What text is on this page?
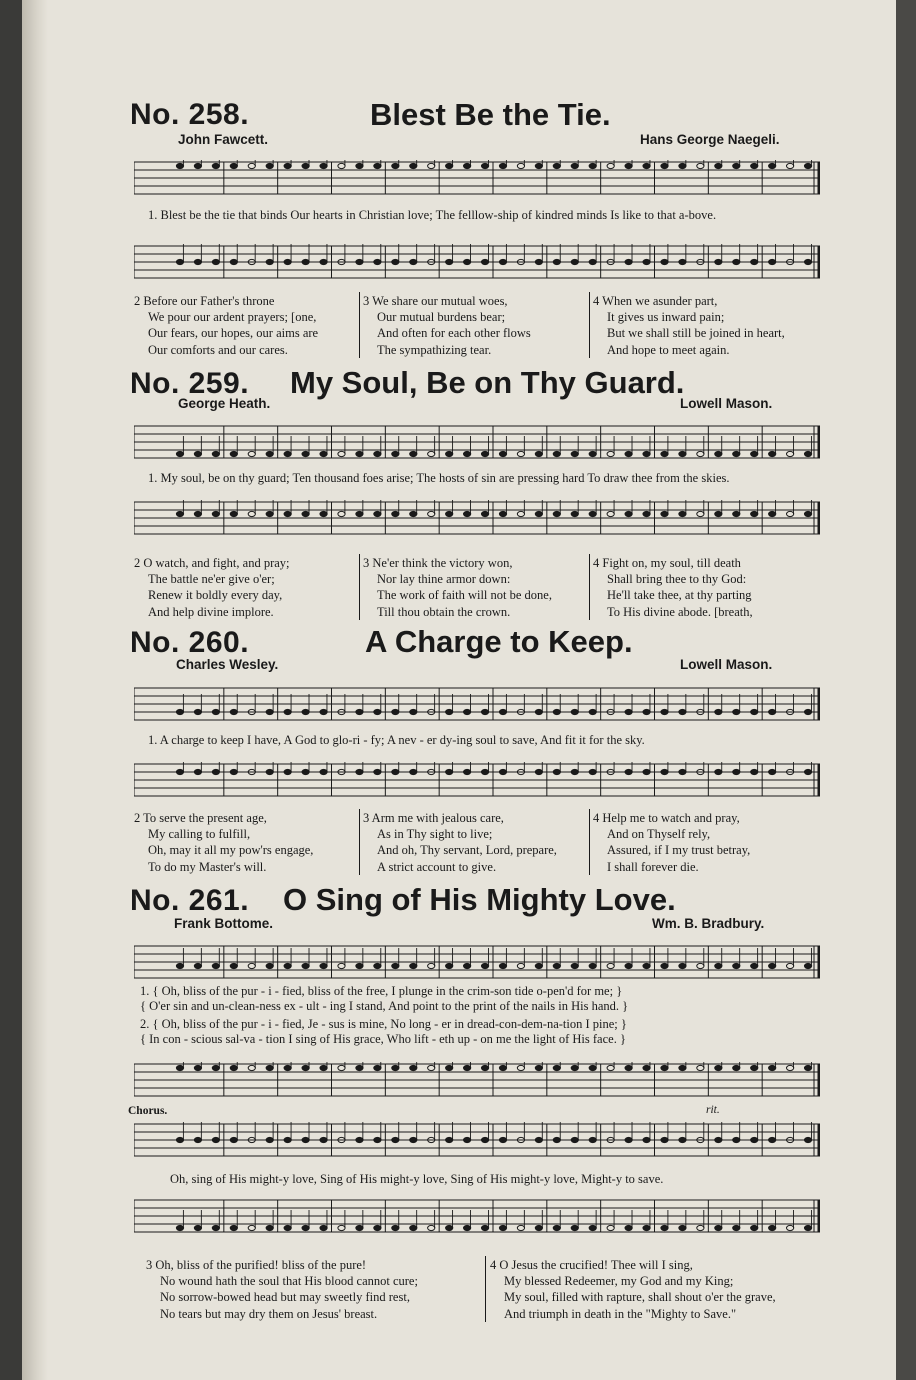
No. 258.	Blest Be the Tie.
John Fawcett.	Hans George Naegeli.
1. Blest be the tie that binds Our hearts in Christian love; The felllow-ship of kindred minds Is like to that a-bove.
2 Before our Father's throne
We pour our ardent prayers; [one,
Our fears, our hopes, our aims are
Our comforts and our cares.
3 We share our mutual woes,
Our mutual burdens bear;
And often for each other flows
The sympathizing tear.
4 When we asunder part,
It gives us inward pain;
But we shall still be joined in heart,
And hope to meet again.
No. 259. My Soul, Be on Thy Guard.
George Heath.	Lowell Mason.
1. My soul, be on thy guard; Ten thousand foes arise; The hosts of sin are pressing hard To draw thee from the skies.
2 O watch, and fight, and pray;
The battle ne'er give o'er;
Renew it boldly every day,
And help divine implore.
3 Ne'er think the victory won,
Nor lay thine armor down:
The work of faith will not be done,
Till thou obtain the crown.
4 Fight on, my soul, till death
Shall bring thee to thy God:
He'll take thee, at thy parting
To His divine abode. [breath,
No. 260.	A Charge to Keep.
Charles Wesley.	Lowell Mason.
1. A charge to keep I have, A God to glo-ri - fy; A nev - er dy-ing soul to save, And fit it for the sky.
2 To serve the present age,
My calling to fulfill,
Oh, may it all my pow'rs engage,
To do my Master's will.
3 Arm me with jealous care,
As in Thy sight to live;
And oh, Thy servant, Lord, prepare,
A strict account to give.
4 Help me to watch and pray,
And on Thyself rely,
Assured, if I my trust betray,
I shall forever die.
No. 261. O Sing of His Mighty Love.
Frank Bottome.	Wm. B. Bradbury.
1. { Oh, bliss of the pur - i - fied, bliss of the free, I plunge in the crim-son tide o-pen'd for me; }
{ O'er sin and un-clean-ness ex - ult - ing I stand, And point to the print of the nails in His hand. }
2. { Oh, bliss of the pur - i - fied, Je - sus is mine, No long - er in dread-con-dem-na-tion I pine; }
{ In con - scious sal-va - tion I sing of His grace, Who lift - eth up - on me the light of His face. }
Chorus.	rit.
Oh, sing of His might-y love, Sing of His might-y love, Sing of His might-y love, Might-y to save.
3 Oh, bliss of the purified! bliss of the pure!
No wound hath the soul that His blood cannot cure;
No sorrow-bowed head but may sweetly find rest,
No tears but may dry them on Jesus' breast.
4 O Jesus the crucified! Thee will I sing,
My blessed Redeemer, my God and my King;
My soul, filled with rapture, shall shout o'er the grave,
And triumph in death in the "Mighty to Save."
